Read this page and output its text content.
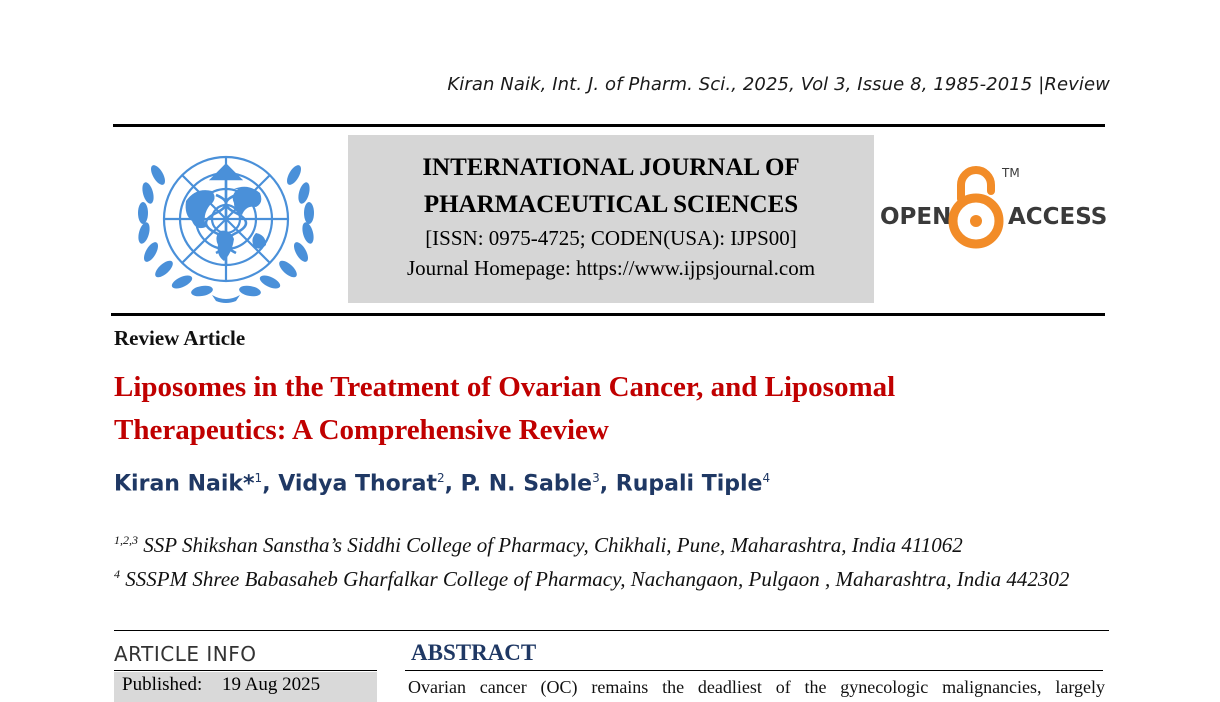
Kiran Naik, Int. J. of Pharm. Sci., 2025, Vol 3, Issue 8, 1985-2015 |Review
INTERNATIONAL JOURNAL OF
PHARMACEUTICAL SCIENCES
[ISSN: 0975-4725; CODEN(USA): IJPS00]
Journal Homepage: https://www.ijpsjournal.com
OPEN
TM
ACCESS
Review Article
Liposomes in the Treatment of Ovarian Cancer, and Liposomal
Therapeutics: A Comprehensive Review
Kiran Naik*$^1$, Vidya Thorat$^2$, P. N. Sable$^3$, Rupali Tiple$^4$
$^{1,2,3}$ SSP Shikshan Sanstha’s Siddhi College of Pharmacy, Chikhali, Pune, Maharashtra, India 411062
$^4$ SSSPM Shree Babasaheb Gharfalkar College of Pharmacy, Nachangaon, Pulgaon , Maharashtra, India 442302
ARTICLE INFO
Published: 19 Aug 2025
ABSTRACT
Ovarian cancer (OC) remains the deadliest of the gynecologic malignancies, largely
